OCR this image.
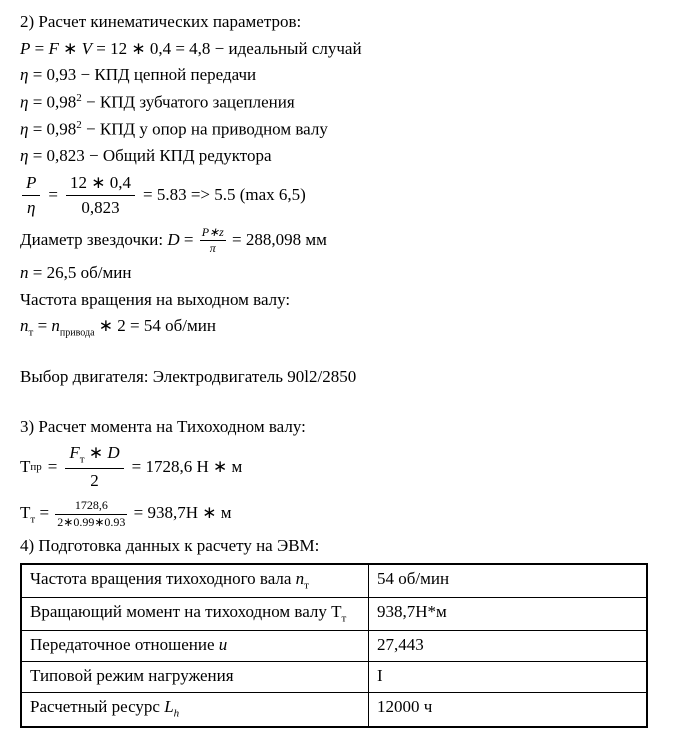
2) Расчет кинематических параметров:

P = F ∗ V = 12 ∗ 0,4 = 4,8 − идеальный случай

η = 0,93 − КПД цепной передачи

$\eta = 0,98^2$ − КПД зубчатого зацепления

$\eta = 0,98^2$ − КПД у опор на приводном валу

η = 0,823 − Общий КПД редуктора

$\frac{P}{\eta} = \frac{12 ∗ 0,4}{0,823} = 5.83 => 5.5$ (max 6,5)

Диаметр звездочки: $D = \frac{P∗z}{\pi} = 288,098$ мм

n = 26,5 об/мин

Частота вращения на выходном валу:

$n_т = n_{привода}$ ∗ 2 = 54 об/мин

Выбор двигателя: Электродвигатель 90l2/2850

3) Расчет момента на Тихоходном валу:

Т пр = $\frac{F_т ∗ D}{2} = 1728,6$ Н ∗ м

$Т_т = \frac{1728,6}{2∗0.99∗0.93} = 938,7Н$ ∗ м

4) Подготовка данных к расчету на ЭВМ:

Частота вращения тихоходного вала $n_т$	54 об/мин
Вращающий момент на тихоходном валу $Т_т$	938,7Н*м
Передаточное отношение u	27,443
Типовой режим нагружения	I
Расчетный ресурс $L_h$	12000 ч
